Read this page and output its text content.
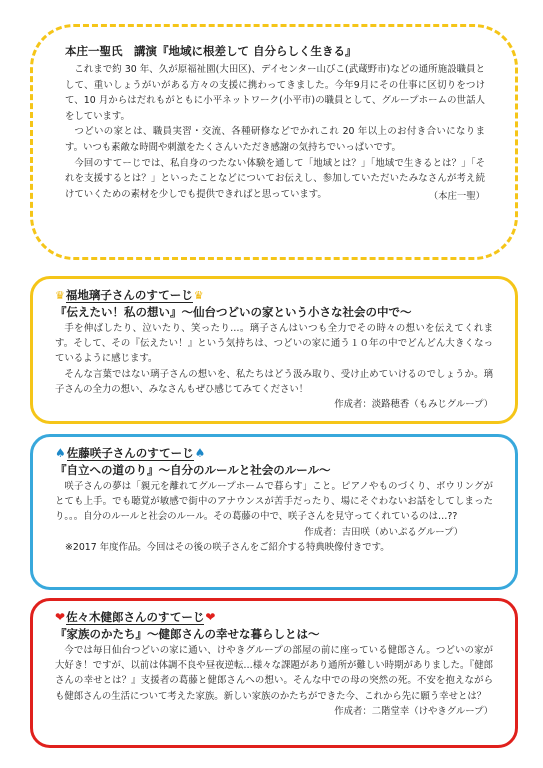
本庄一聖氏　講演『地域に根差して 自分らしく生きる』

これまで約 30 年、久が原福祉園(大田区)、デイセンター山びこ(武蔵野市)などの通所施設職員として、重いしょうがいがある方々の支援に携わってきました。今年9月にその仕事に区切りをつけて、10 月からはだれもがともに小平ネットワーク(小平市)の職員として、グループホームの世話人をしています。

つどいの家とは、職員実習・交流、各種研修などでかれこれ 20 年以上のお付き合いになります。いつも素敵な時間や刺激をたくさんいただき感謝の気持ちでいっぱいです。

今回のすてーじでは、私自身のつたない体験を通して「地域とは？」「地域で生きるとは？」「それを支援するとは？」といったことなどについてお伝えし、参加していただいたみなさんが考え続けていくための素材を少しでも提供できればと思っています。	（本庄一聖）
♛ 福地璃子さんのすてーじ ♛
『伝えたい！私の想い』〜仙台つどいの家という小さな社会の中で〜

手を伸ばしたり、泣いたり、笑ったり…。璃子さんはいつも全力でその時々の想いを伝えてくれます。そして、その『伝えたい！』という気持ちは、つどいの家に通う１０年の中でどんどん大きくなっているように感じます。

そんな言葉ではない璃子さんの想いを、私たちはどう汲み取り、受け止めていけるのでしょうか。璃子さんの全力の想い、みなさんもぜひ感じてみてください！

作成者：淡路穂香（もみじグループ）
♠ 佐藤咲子さんのすてーじ ♠
『自立への道のり』〜自分のルールと社会のルール〜

咲子さんの夢は「親元を離れてグループホームで暮らす」こと。ピアノやものづくり、ボウリングがとても上手。でも聴覚が敏感で街中のアナウンスが苦手だったり、場にそぐわないお話をしてしまったり。。。自分のルールと社会のルール。その葛藤の中で、咲子さんを見守ってくれているのは…??

作成者：吉田咲（めいぷるグループ）
※2017 年度作品。今回はその後の咲子さんをご紹介する特典映像付きです。
❤ 佐々木健郎さんのすてーじ ❤
『家族のかたち』〜健郎さんの幸せな暮らしとは〜

今では毎日仙台つどいの家に通い、けやきグループの部屋の前に座っている健郎さん。つどいの家が大好き！ですが、以前は体調不良や昼夜逆転…様々な課題があり通所が難しい時期がありました。『健郎さんの幸せとは？』支援者の葛藤と健郎さんへの想い。そんな中での母の突然の死。不安を抱えながらも健郎さんの生活について考えた家族。新しい家族のかたちができた今、これから先に願う幸せとは？

作成者：二階堂幸（けやきグループ）
